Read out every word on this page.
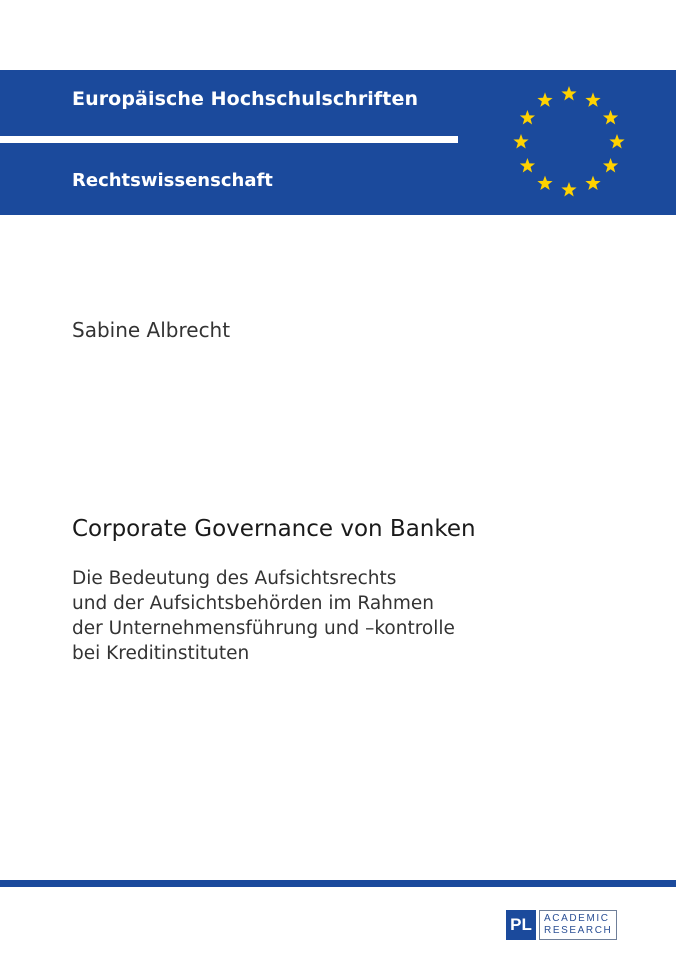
Europäische Hochschulschriften
Rechtswissenschaft
Sabine Albrecht
Corporate Governance von Banken
Die Bedeutung des Aufsichtsrechts
und der Aufsichtsbehörden im Rahmen
der Unternehmensführung und –kontrolle
bei Kreditinstituten
PL	ACADEMIC
RESEARCH
